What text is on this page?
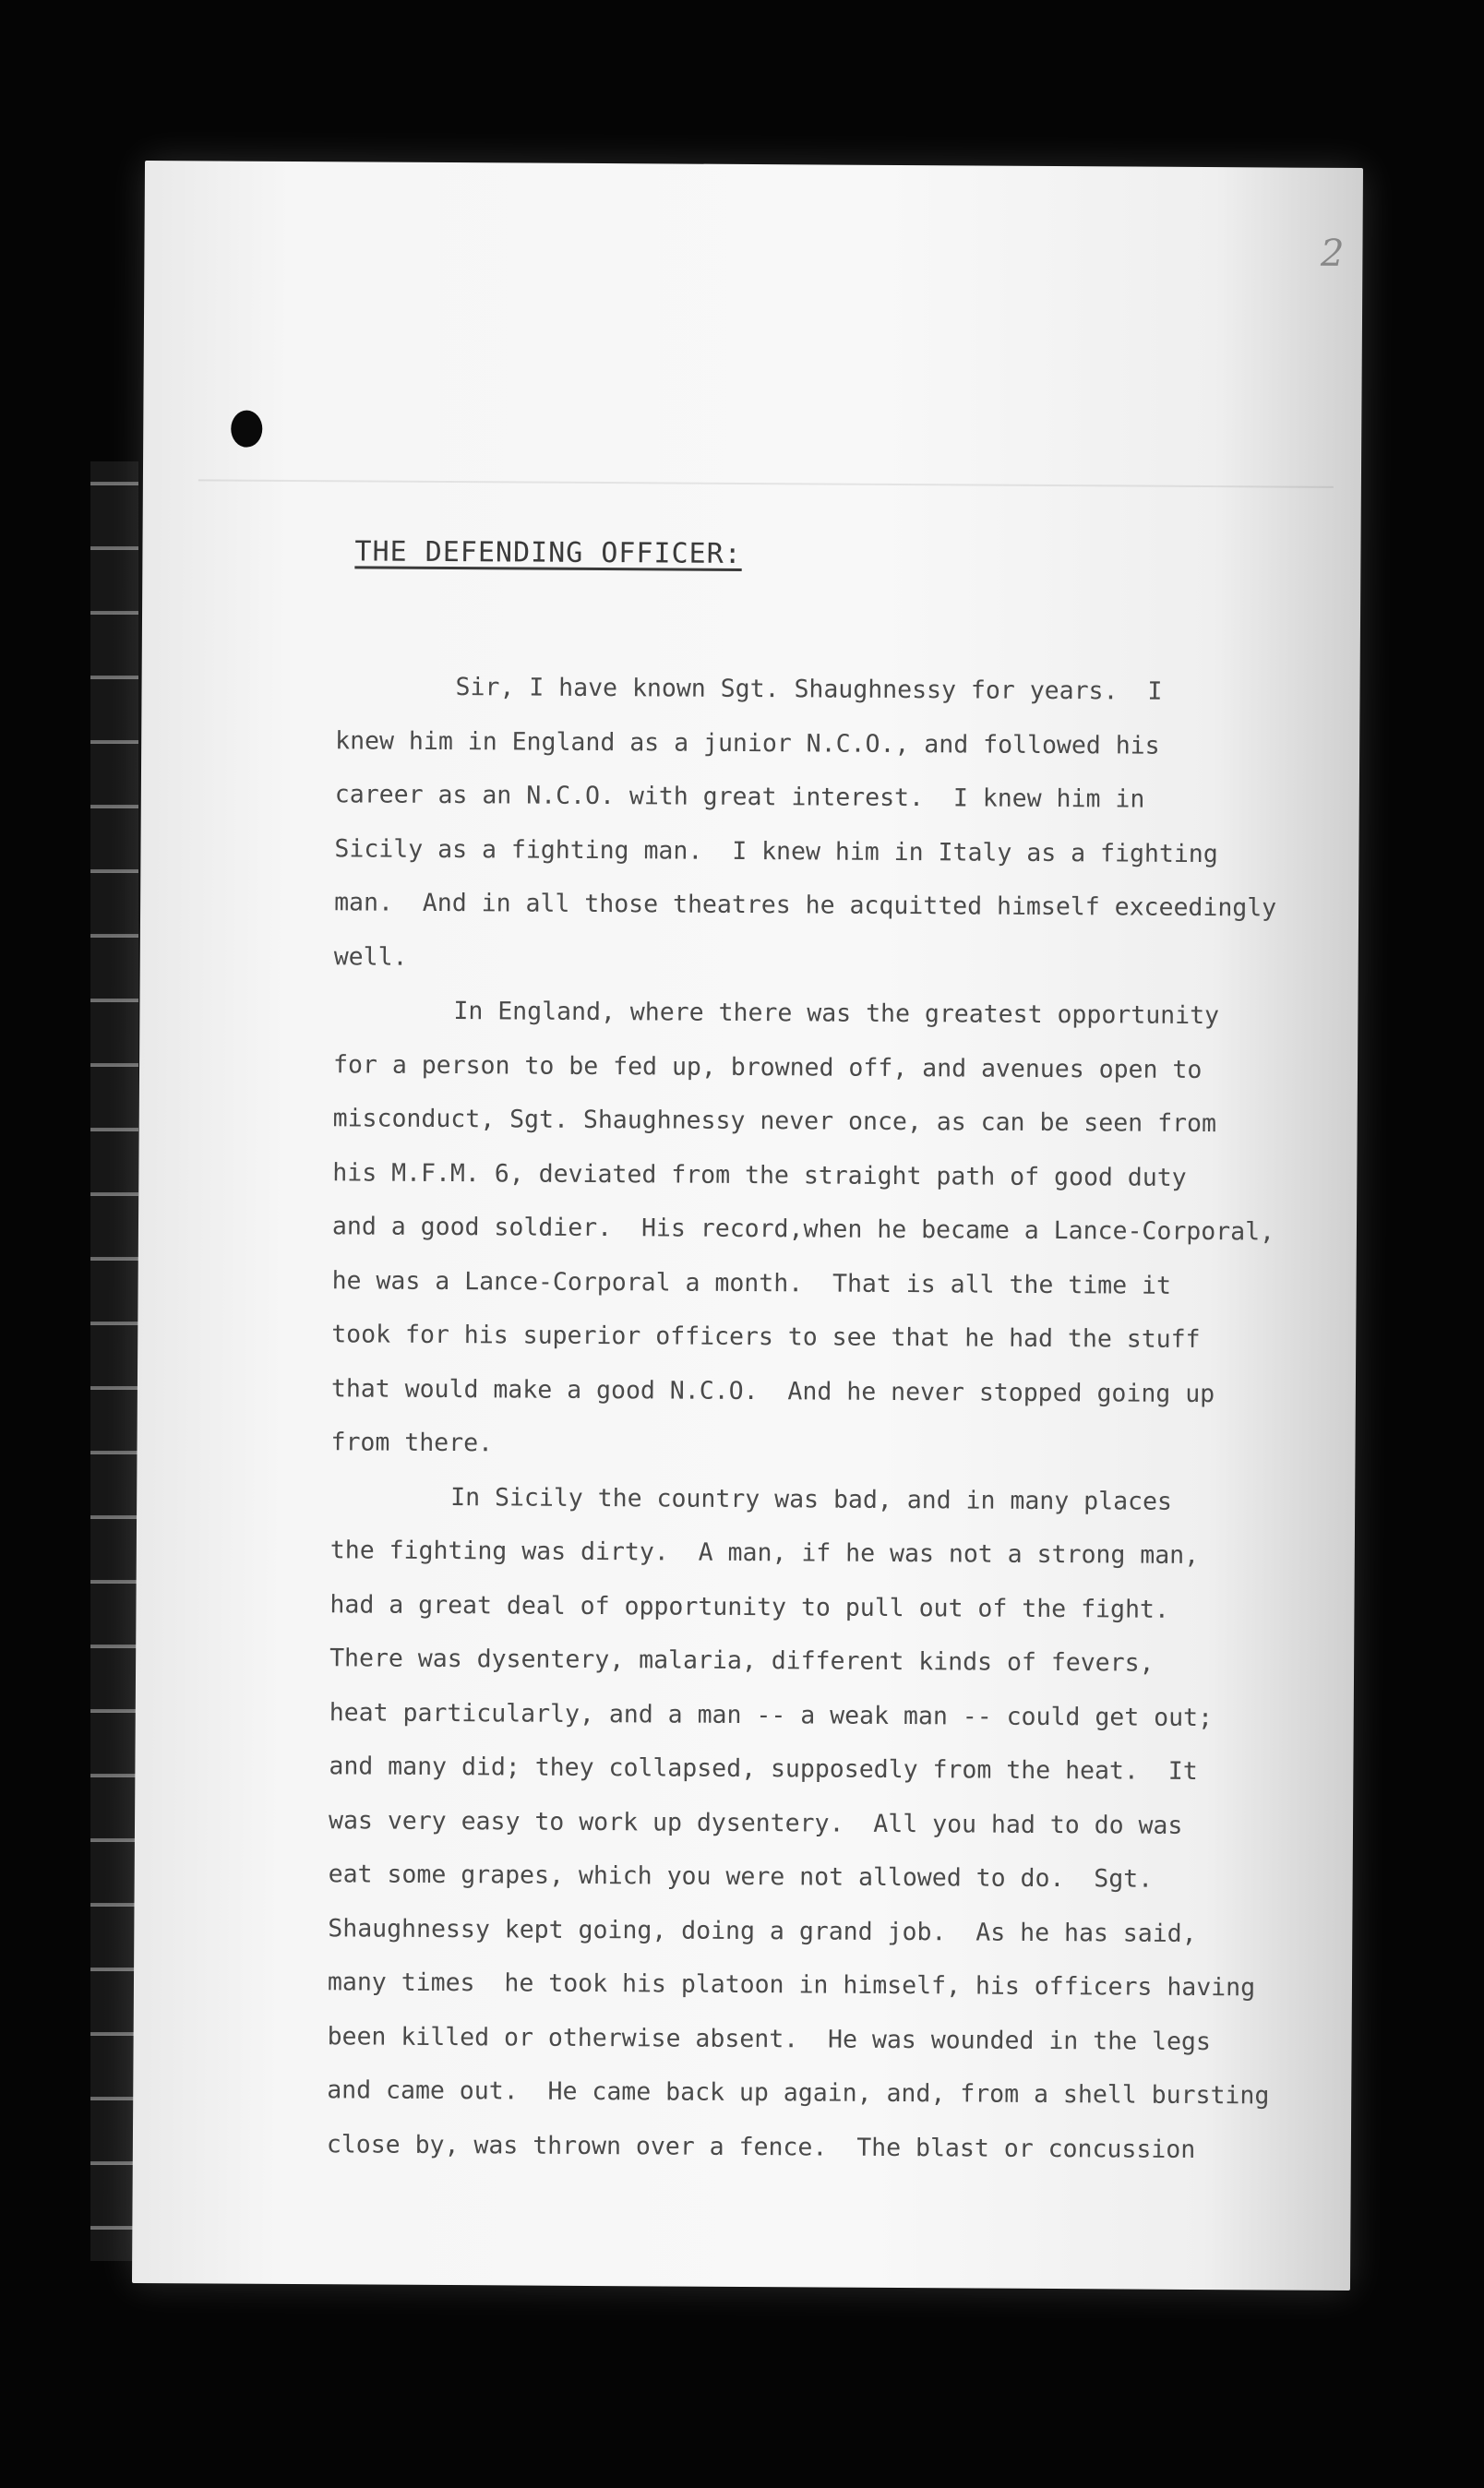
2
THE DEFENDING OFFICER:
Sir, I have known Sgt. Shaughnessy for years.  I
knew him in England as a junior N.C.O., and followed his
career as an N.C.O. with great interest.  I knew him in
Sicily as a fighting man.  I knew him in Italy as a fighting
man.  And in all those theatres he acquitted himself exceedingly
well.
In England, where there was the greatest opportunity
for a person to be fed up, browned off, and avenues open to
misconduct, Sgt. Shaughnessy never once, as can be seen from
his M.F.M. 6, deviated from the straight path of good duty
and a good soldier.  His record,when he became a Lance-Corporal,
he was a Lance-Corporal a month.  That is all the time it
took for his superior officers to see that he had the stuff
that would make a good N.C.O.  And he never stopped going up
from there.
In Sicily the country was bad, and in many places
the fighting was dirty.  A man, if he was not a strong man,
had a great deal of opportunity to pull out of the fight.
There was dysentery, malaria, different kinds of fevers,
heat particularly, and a man -- a weak man -- could get out;
and many did; they collapsed, supposedly from the heat.  It
was very easy to work up dysentery.  All you had to do was
eat some grapes, which you were not allowed to do.  Sgt.
Shaughnessy kept going, doing a grand job.  As he has said,
many times  he took his platoon in himself, his officers having
been killed or otherwise absent.  He was wounded in the legs
and came out.  He came back up again, and, from a shell bursting
close by, was thrown over a fence.  The blast or concussion
